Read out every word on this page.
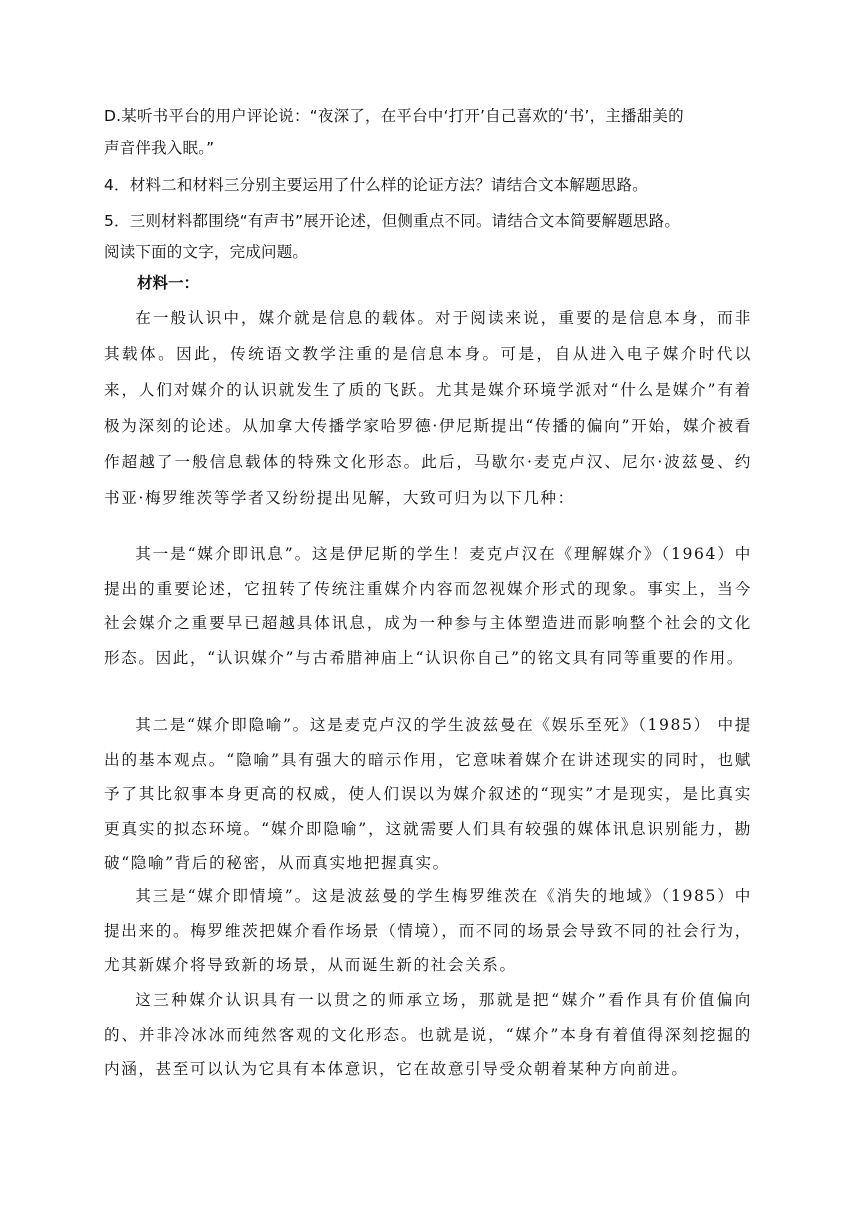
D.某听书平台的用户评论说：“夜深了，在平台中‘打开’自己喜欢的‘书’，主播甜美的
声音伴我入眠。”
4．材料二和材料三分别主要运用了什么样的论证方法？请结合文本解题思路。
5．三则材料都围绕“有声书”展开论述，但侧重点不同。请结合文本简要解题思路。
阅读下面的文字，完成问题。
材料一：

在一般认识中，媒介就是信息的载体。对于阅读来说，重要的是信息本身，而非其载体。因此，传统语文教学注重的是信息本身。可是，自从进入电子媒介时代以来，人们对媒介的认识就发生了质的飞跃。尤其是媒介环境学派对“什么是媒介”有着极为深刻的论述。从加拿大传播学家哈罗德·伊尼斯提出“传播的偏向”开始，媒介被看作超越了一般信息载体的特殊文化形态。此后，马歇尔·麦克卢汉、尼尔·波兹曼、约书亚·梅罗维茨等学者又纷纷提出见解，大致可归为以下几种：

其一是“媒介即讯息”。这是伊尼斯的学生！麦克卢汉在《理解媒介》（1964）中提出的重要论述，它扭转了传统注重媒介内容而忽视媒介形式的现象。事实上，当今社会媒介之重要早已超越具体讯息，成为一种参与主体塑造进而影响整个社会的文化形态。因此，“认识媒介”与古希腊神庙上“认识你自己”的铭文具有同等重要的作用。

其二是“媒介即隐喻”。这是麦克卢汉的学生波兹曼在《娱乐至死》（1985） 中提出的基本观点。“隐喻”具有强大的暗示作用，它意味着媒介在讲述现实的同时，也赋予了其比叙事本身更高的权威，使人们误以为媒介叙述的“现实”才是现实，是比真实更真实的拟态环境。“媒介即隐喻”，这就需要人们具有较强的媒体讯息识别能力，勘破“隐喻”背后的秘密，从而真实地把握真实。

其三是“媒介即情境”。这是波兹曼的学生梅罗维茨在《消失的地域》（1985）中提出来的。梅罗维茨把媒介看作场景（情境），而不同的场景会导致不同的社会行为，尤其新媒介将导致新的场景，从而诞生新的社会关系。

这三种媒介认识具有一以贯之的师承立场，那就是把“媒介”看作具有价值偏向的、并非冷冰冰而纯然客观的文化形态。也就是说，“媒介”本身有着值得深刻挖掘的内涵，甚至可以认为它具有本体意识，它在故意引导受众朝着某种方向前进。
